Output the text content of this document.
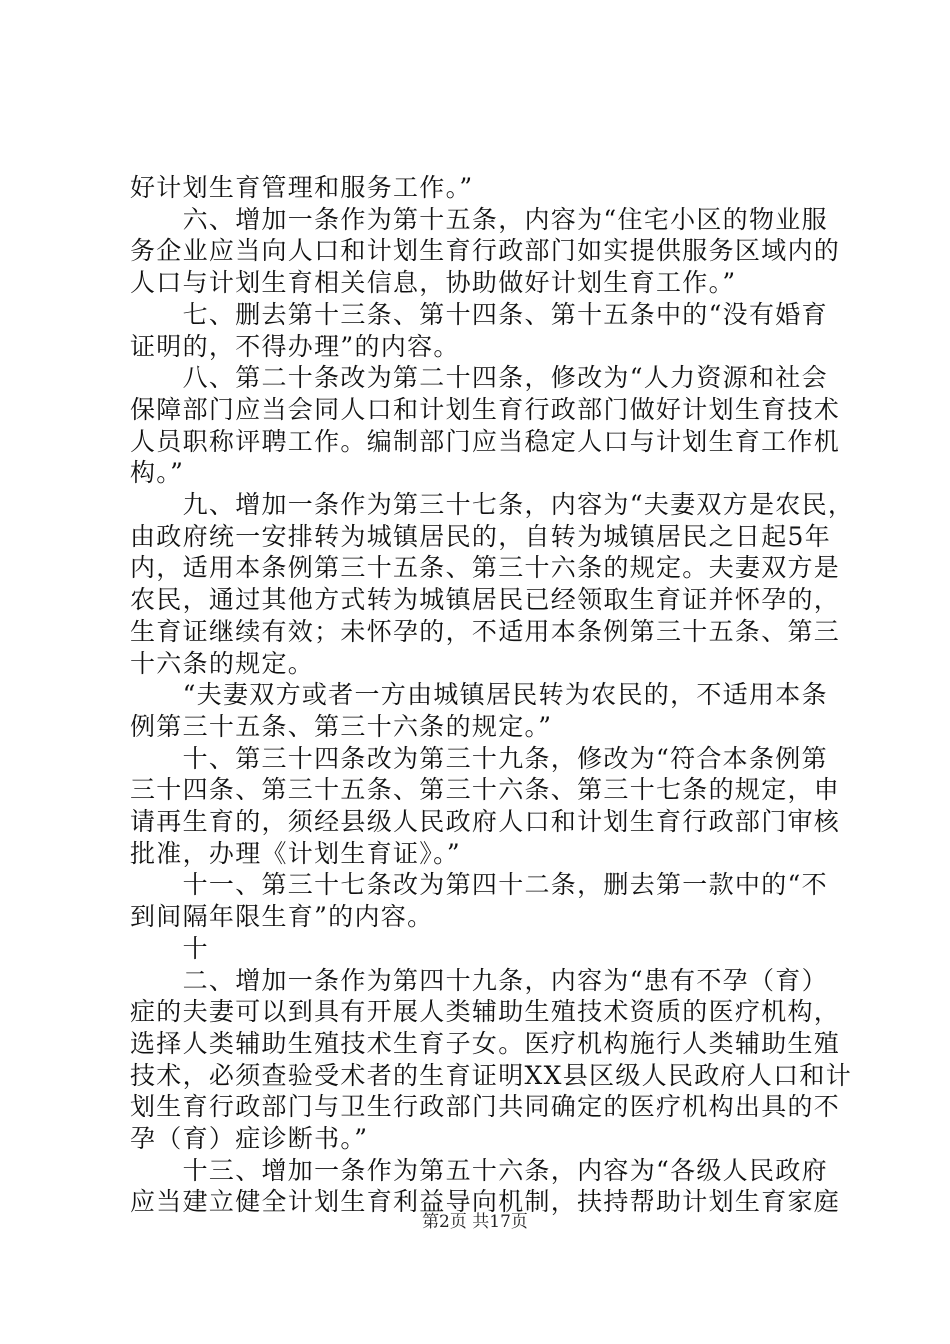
好计划生育管理和服务工作。”
　　六、增加一条作为第十五条，内容为“住宅小区的物业服
务企业应当向人口和计划生育行政部门如实提供服务区域内的
人口与计划生育相关信息，协助做好计划生育工作。”
　　七、删去第十三条、第十四条、第十五条中的“没有婚育
证明的，不得办理”的内容。
　　八、第二十条改为第二十四条，修改为“人力资源和社会
保障部门应当会同人口和计划生育行政部门做好计划生育技术
人员职称评聘工作。编制部门应当稳定人口与计划生育工作机
构。”
　　九、增加一条作为第三十七条，内容为“夫妻双方是农民，
由政府统一安排转为城镇居民的，自转为城镇居民之日起5年
内，适用本条例第三十五条、第三十六条的规定。夫妻双方是
农民，通过其他方式转为城镇居民已经领取生育证并怀孕的，
生育证继续有效；未怀孕的，不适用本条例第三十五条、第三
十六条的规定。
　　“夫妻双方或者一方由城镇居民转为农民的，不适用本条
例第三十五条、第三十六条的规定。”
　　十、第三十四条改为第三十九条，修改为“符合本条例第
三十四条、第三十五条、第三十六条、第三十七条的规定，申
请再生育的，须经县级人民政府人口和计划生育行政部门审核
批准，办理《计划生育证》。”
　　十一、第三十七条改为第四十二条，删去第一款中的“不
到间隔年限生育”的内容。
　　十
　　二、增加一条作为第四十九条，内容为“患有不孕（育）
症的夫妻可以到具有开展人类辅助生殖技术资质的医疗机构，
选择人类辅助生殖技术生育子女。医疗机构施行人类辅助生殖
技术，必须查验受术者的生育证明XX县区级人民政府人口和计
划生育行政部门与卫生行政部门共同确定的医疗机构出具的不
孕（育）症诊断书。”
　　十三、增加一条作为第五十六条，内容为“各级人民政府
应当建立健全计划生育利益导向机制，扶持帮助计划生育家庭
第2页 共17页
